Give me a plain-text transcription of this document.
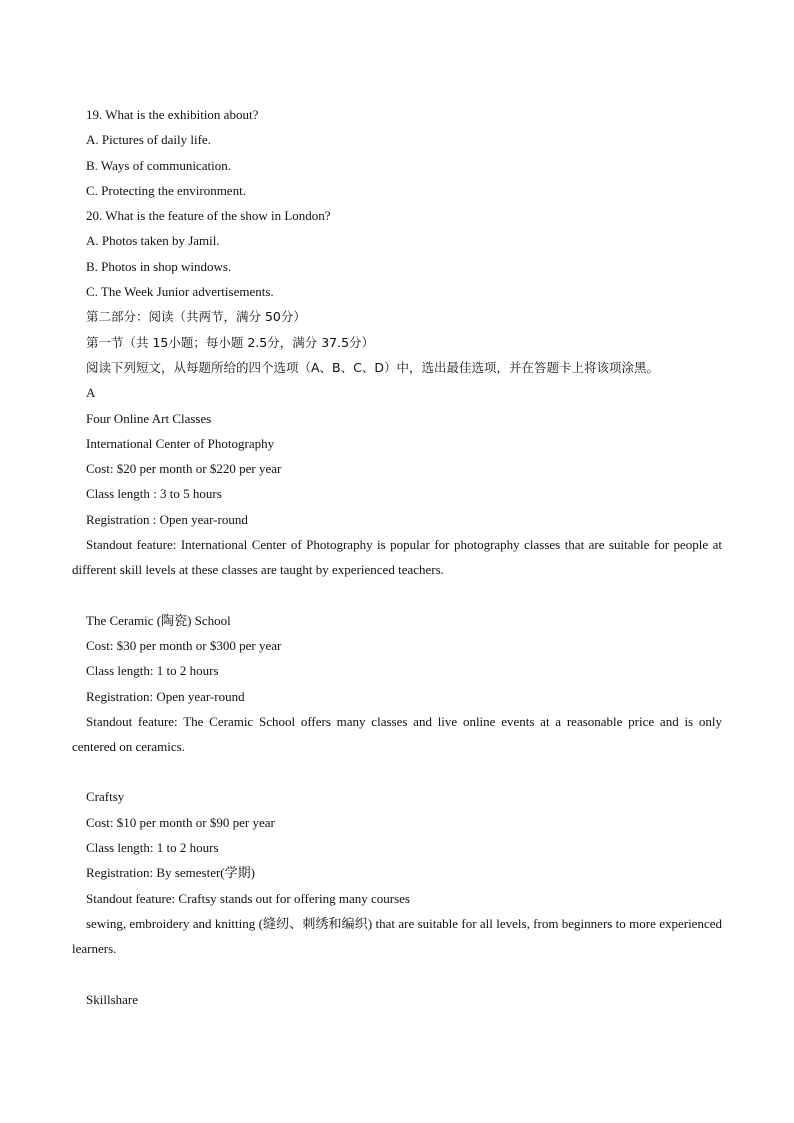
19. What is the exhibition about?

A. Pictures of daily life.

B. Ways of communication.

C. Protecting the environment.

20. What is the feature of the show in London?

A. Photos taken by Jamil.

B. Photos in shop windows.

C. The Week Junior advertisements.

第二部分：阅读（共两节，满分 50分）

第一节（共 15小题；每小题 2.5分，满分 37.5分）

阅读下列短文，从每题所给的四个选项（A、B、C、D）中，选出最佳选项，并在答题卡上将该项涂黑。

A

Four Online Art Classes

International Center of Photography

Cost: $20 per month or $220 per year

Class length : 3 to 5 hours

Registration : Open year-round

Standout feature: International Center of Photography is popular for photography classes that are suitable for people at different skill levels at these classes are taught by experienced teachers.

The Ceramic (陶瓷) School

Cost: $30 per month or $300 per year

Class length: 1 to 2 hours

Registration: Open year-round

Standout feature: The Ceramic School offers many classes and live online events at a reasonable price and is only centered on ceramics.

Craftsy

Cost: $10 per month or $90 per year

Class length: 1 to 2 hours

Registration: By semester(学期)

Standout feature: Craftsy stands out for offering many courses

sewing, embroidery and knitting (缝纫、刺绣和编织) that are suitable for all levels, from beginners to more experienced learners.

Skillshare
